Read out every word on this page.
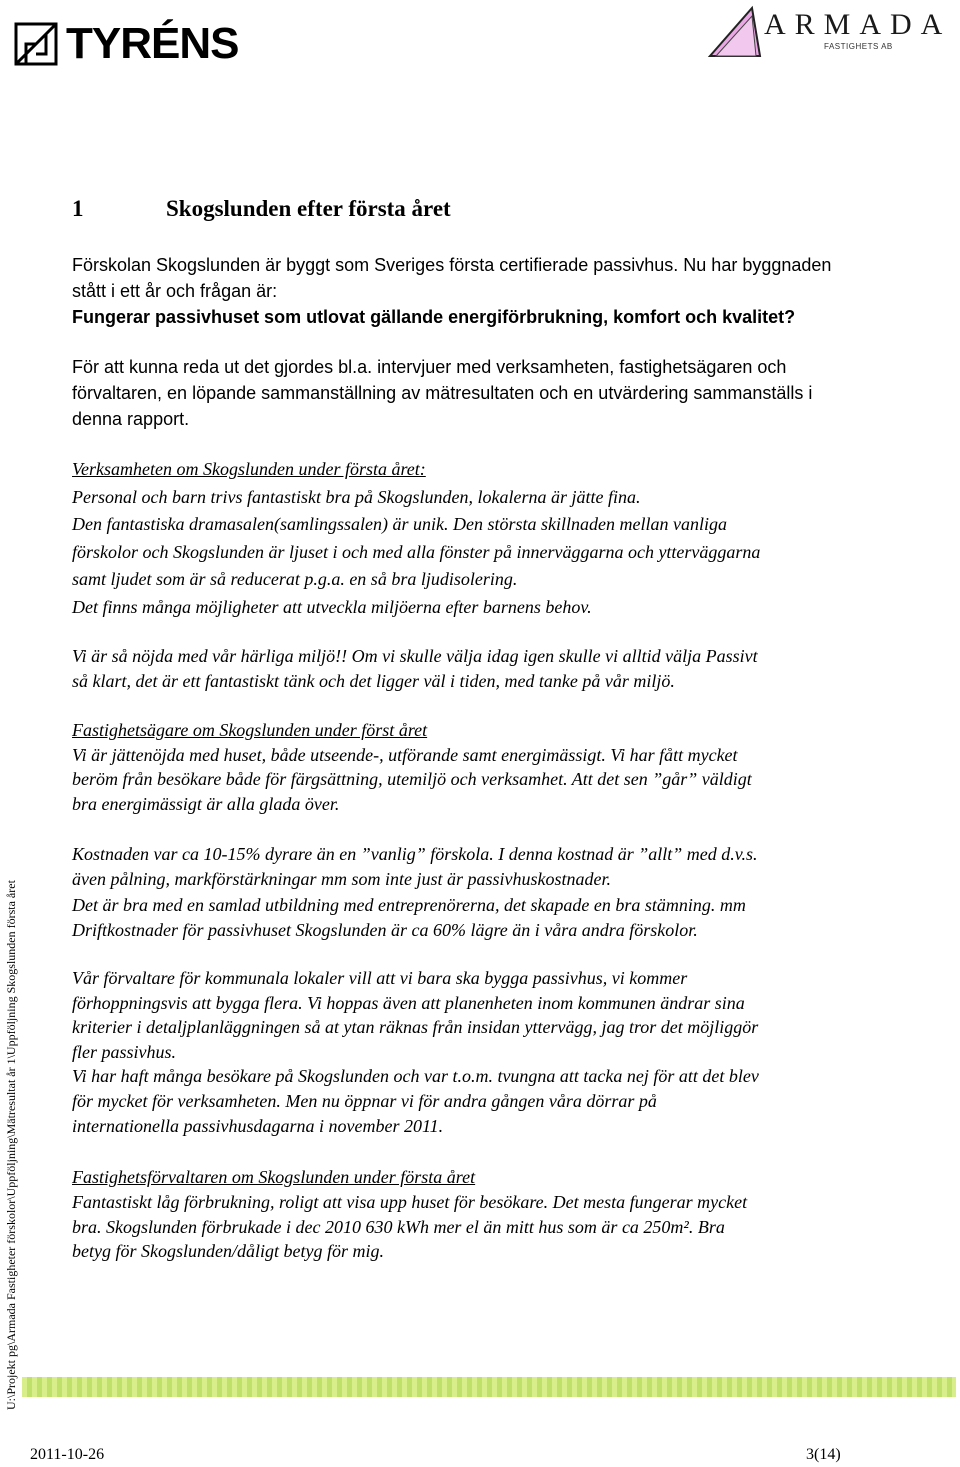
TYRÉNS	ARMADA
FASTIGHETS AB
1	Skogslunden efter första året
Förskolan Skogslunden är byggt som Sveriges första certifierade passivhus. Nu har byggnaden
stått i ett år och frågan är:
Fungerar passivhuset som utlovat gällande energiförbrukning, komfort och kvalitet?
För att kunna reda ut det gjordes bl.a. intervjuer med verksamheten, fastighetsägaren och
förvaltaren, en löpande sammanställning av mätresultaten och en utvärdering sammanställs i
denna rapport.
Verksamheten om Skogslunden under första året:
Personal och barn trivs fantastiskt bra på Skogslunden, lokalerna är jätte fina.
Den fantastiska dramasalen(samlingssalen) är unik. Den största skillnaden mellan vanliga
förskolor och Skogslunden är ljuset i och med alla fönster på innerväggarna och ytterväggarna
samt ljudet som är så reducerat p.g.a. en så bra ljudisolering.
Det finns många möjligheter att utveckla miljöerna efter barnens behov.
Vi är så nöjda med vår härliga miljö!! Om vi skulle välja idag igen skulle vi alltid välja Passivt
så klart, det är ett fantastiskt tänk och det ligger väl i tiden, med tanke på vår miljö.
Fastighetsägare om Skogslunden under först året
Vi är jättenöjda med huset, både utseende-, utförande samt energimässigt. Vi har fått mycket
beröm från besökare både för färgsättning, utemiljö och verksamhet. Att det sen ”går” väldigt
bra energimässigt är alla glada över.
Kostnaden var ca 10-15% dyrare än en ”vanlig” förskola. I denna kostnad är ”allt” med d.v.s.
även pålning, markförstärkningar mm som inte just är passivhuskostnader.
Det är bra med en samlad utbildning med entreprenörerna, det skapade en bra stämning. mm
Driftkostnader för passivhuset Skogslunden är ca 60% lägre än i våra andra förskolor.
Vår förvaltare för kommunala lokaler vill att vi bara ska bygga passivhus, vi kommer
förhoppningsvis att bygga flera. Vi hoppas även att planenheten inom kommunen ändrar sina
kriterier i detaljplanläggningen så at ytan räknas från insidan yttervägg, jag tror det möjliggör
fler passivhus.
Vi har haft många besökare på Skogslunden och var t.o.m. tvungna att tacka nej för att det blev
för mycket för verksamheten. Men nu öppnar vi för andra gången våra dörrar på
internationella passivhusdagarna i november 2011.
Fastighetsförvaltaren om Skogslunden under första året
Fantastiskt låg förbrukning, roligt att visa upp huset för besökare. Det mesta fungerar mycket
bra. Skogslunden förbrukade i dec 2010 630 kWh mer el än mitt hus som är ca 250m². Bra
betyg för Skogslunden/dåligt betyg för mig.
U:\Projekt pg\Armada Fastigheter förskolor\Uppföljning\Mätresultat år 1\Uppföljning Skogslunden första året
2011-10-26	3(14)
